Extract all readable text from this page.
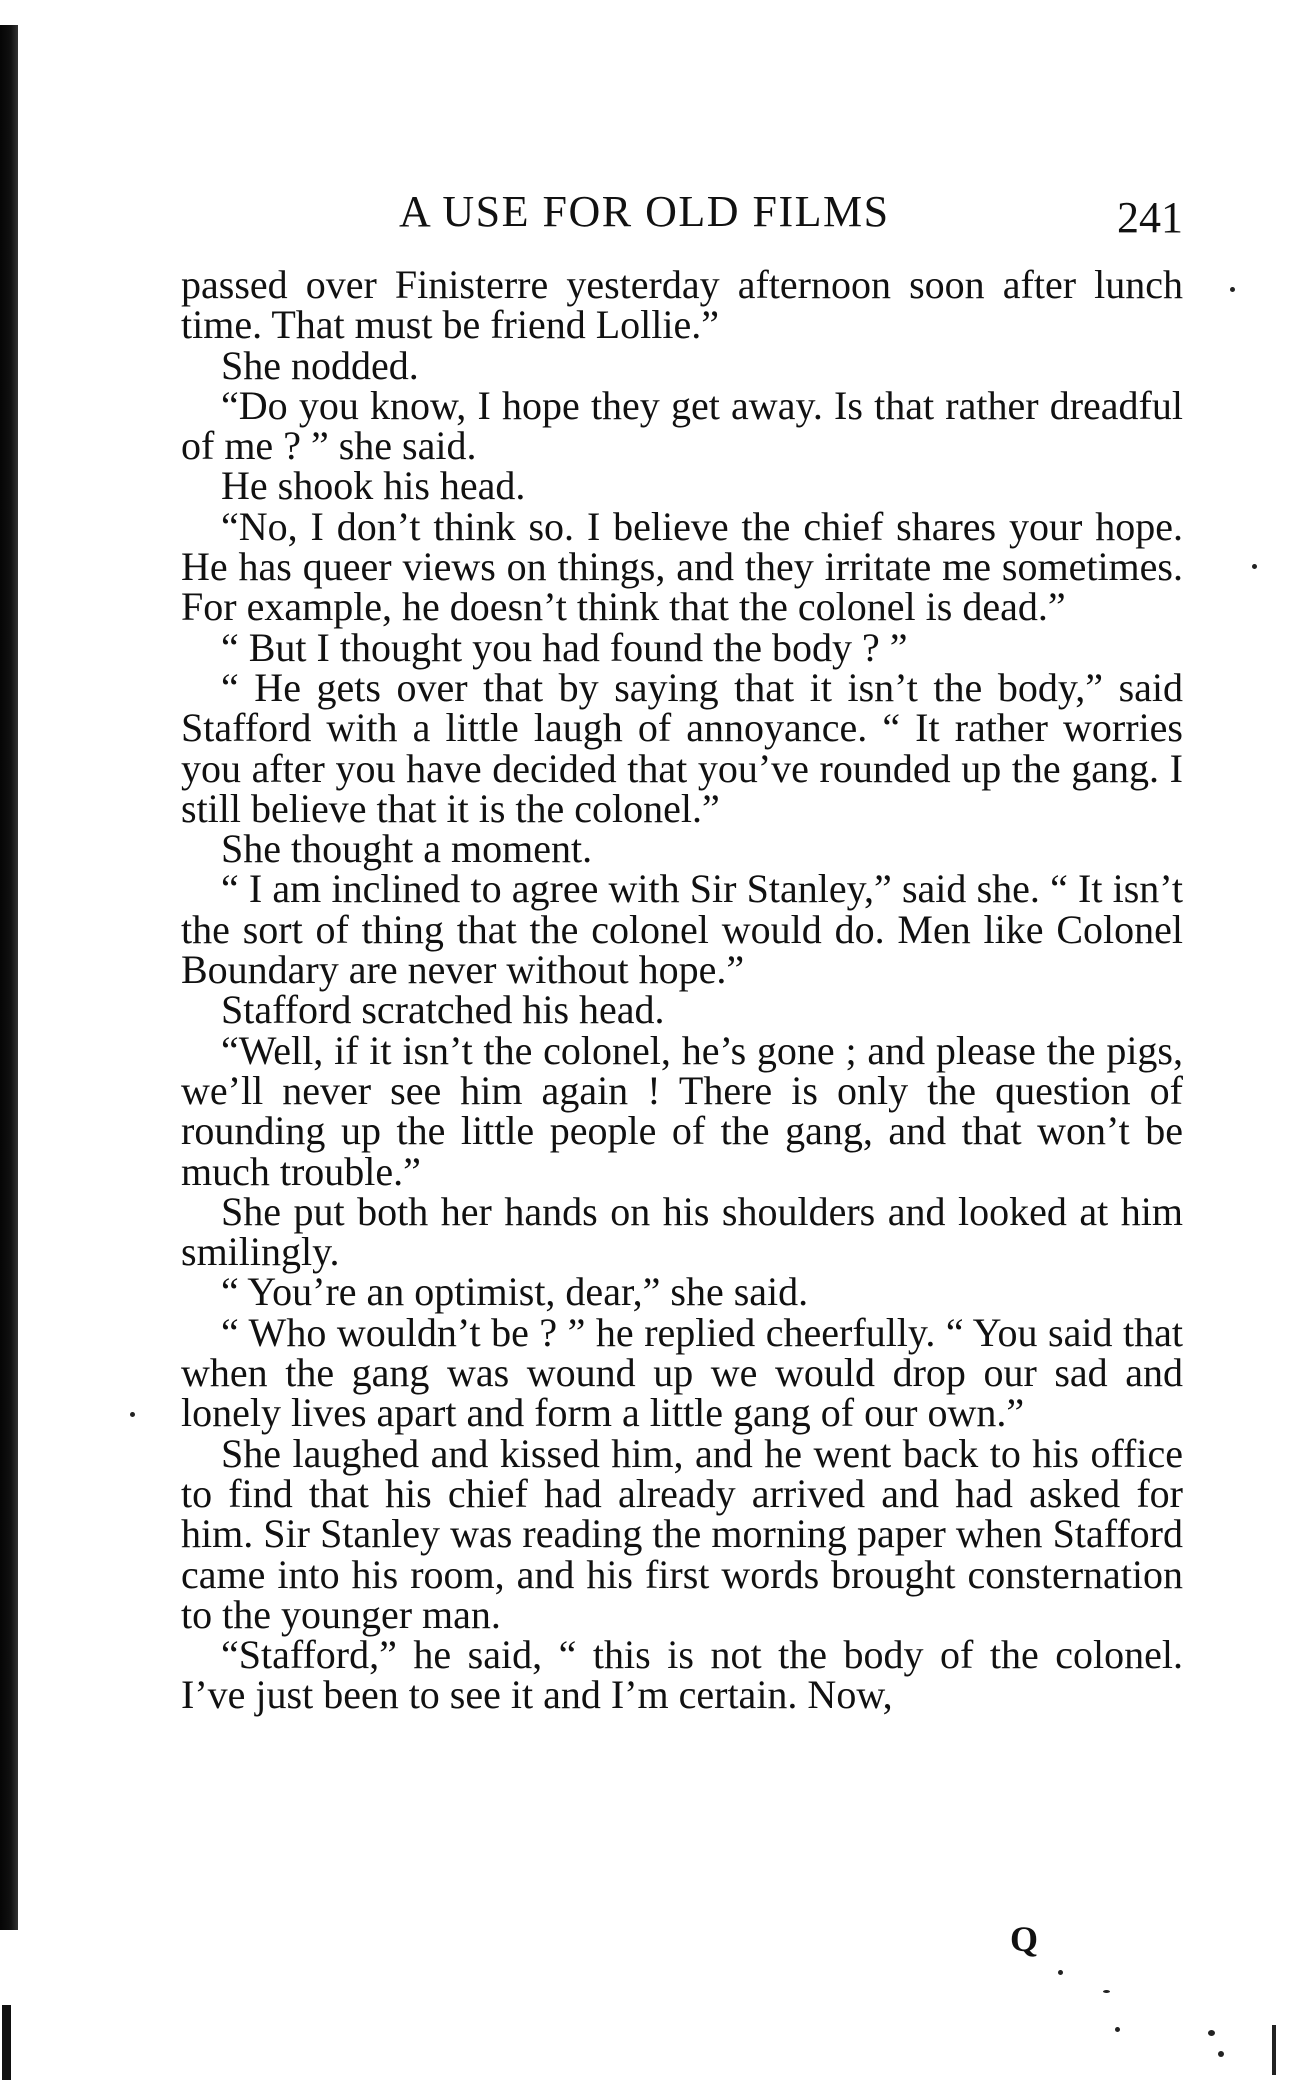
A USE FOR OLD FILMS	241

passed over Finisterre yesterday afternoon soon after lunch time. That must be friend Lollie.”

She nodded.

“Do you know, I hope they get away. Is that rather dreadful of me ? ” she said.

He shook his head.

“No, I don’t think so. I believe the chief shares your hope. He has queer views on things, and they irritate me sometimes. For example, he doesn’t think that the colonel is dead.”

“ But I thought you had found the body ? ”

“ He gets over that by saying that it isn’t the body,” said Stafford with a little laugh of annoyance. “ It rather worries you after you have decided that you’ve rounded up the gang. I still believe that it is the colonel.”

She thought a moment.

“ I am inclined to agree with Sir Stanley,” said she. “ It isn’t the sort of thing that the colonel would do. Men like Colonel Boundary are never without hope.”

Stafford scratched his head.

“Well, if it isn’t the colonel, he’s gone ; and please the pigs, we’ll never see him again ! There is only the question of rounding up the little people of the gang, and that won’t be much trouble.”

She put both her hands on his shoulders and looked at him smilingly.

“ You’re an optimist, dear,” she said.

“ Who wouldn’t be ? ” he replied cheerfully. “ You said that when the gang was wound up we would drop our sad and lonely lives apart and form a little gang of our own.”

She laughed and kissed him, and he went back to his office to find that his chief had already arrived and had asked for him. Sir Stanley was reading the morning paper when Stafford came into his room, and his first words brought consternation to the younger man.

“Stafford,” he said, “ this is not the body of the colonel. I’ve just been to see it and I’m certain. Now,

Q
